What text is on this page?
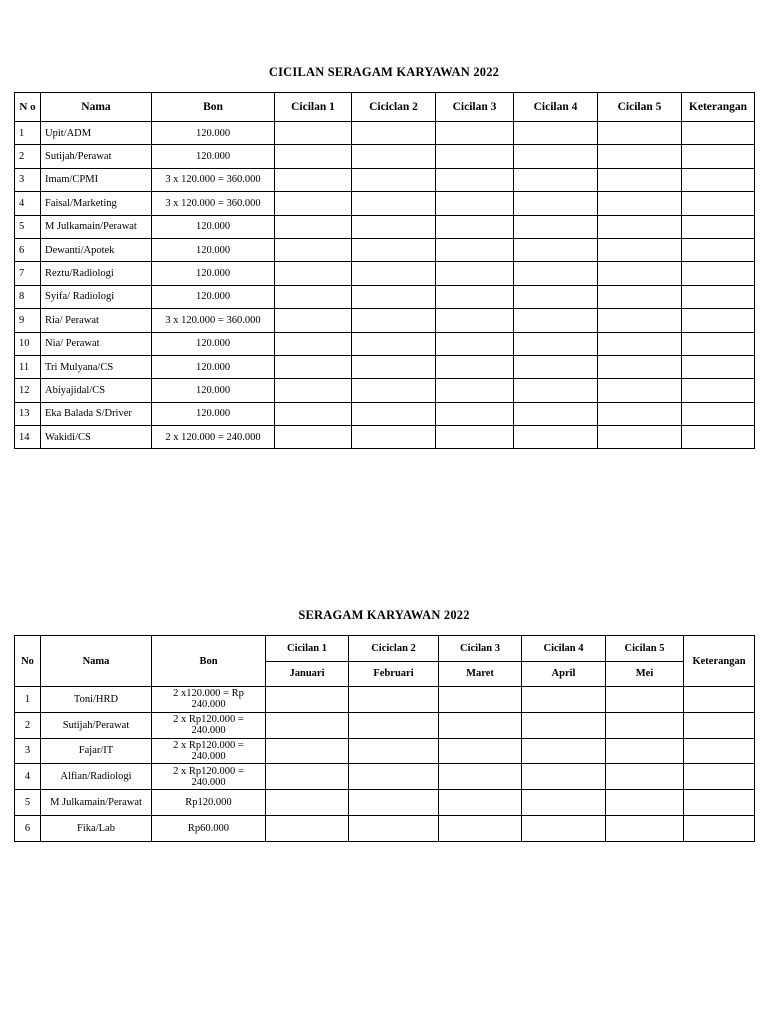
CICILAN SERAGAM KARYAWAN 2022
N o	Nama	Bon	Cicilan 1	Ciciclan 2	Cicilan 3	Cicilan 4	Cicilan 5	Keterangan
1	Upit/ADM	120.000						
2	Sutijah/Perawat	120.000						
3	Imam/CPMI	3 x 120.000 = 360.000						
4	Faisal/Marketing	3 x 120.000 = 360.000						
5	M Julkamain/Perawat	120.000						
6	Dewanti/Apotek	120.000						
7	Reztu/Radiologi	120.000						
8	Syifa/ Radiologi	120.000						
9	Ria/ Perawat	3 x 120.000 = 360.000						
10	Nia/ Perawat	120.000						
11	Tri Mulyana/CS	120.000						
12	Abiyajidal/CS	120.000						
13	Eka Balada S/Driver	120.000						
14	Wakidi/CS	2 x 120.000 = 240.000						
SERAGAM KARYAWAN 2022
No	Nama	Bon	Cicilan 1	Ciciclan 2	Cicilan 3	Cicilan 4	Cicilan 5	Keterangan
			Januari	Februari	Maret	April	Mei	
1	Toni/HRD	2 x120.000 = Rp 240.000						
2	Sutijah/Perawat	2 x Rp120.000 = 240.000						
3	Fajar/IT	2 x Rp120.000 = 240.000						
4	Alfian/Radiologi	2 x Rp120.000 = 240.000						
5	M Julkamain/Perawat	Rp120.000						
6	Fika/Lab	Rp60.000						
